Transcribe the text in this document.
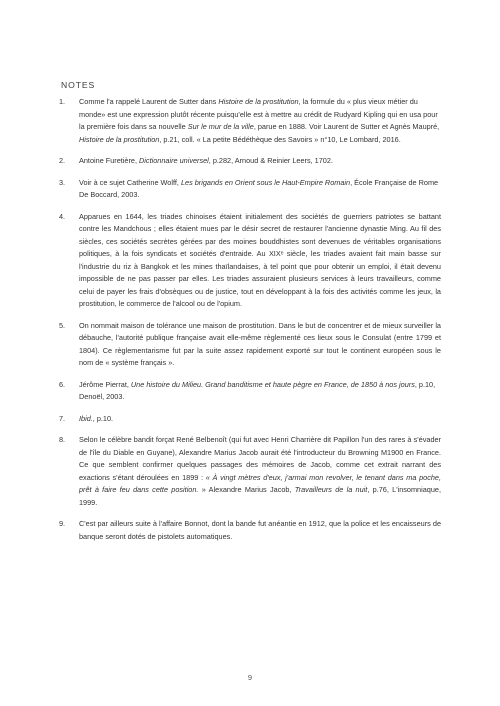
NOTES
1. Comme l'a rappelé Laurent de Sutter dans Histoire de la prostitution, la formule du « plus vieux métier du monde» est une expression plutôt récente puisqu'elle est à mettre au crédit de Rudyard Kipling qui en usa pour la première fois dans sa nouvelle Sur le mur de la ville, parue en 1888. Voir Laurent de Sutter et Agnès Maupré, Histoire de la prostitution, p.21, coll. « La petite Bédéthèque des Savoirs » n°10, Le Lombard, 2016.
2. Antoine Furetière, Dictionnaire universel, p.282, Arnoud & Reinier Leers, 1702.
3. Voir à ce sujet Catherine Wolff, Les brigands en Orient sous le Haut-Empire Romain, École Française de Rome De Boccard, 2003.
4. Apparues en 1644, les triades chinoises étaient initialement des sociétés de guerriers patriotes se battant contre les Mandchous ; elles étaient mues par le désir secret de restaurer l'ancienne dynastie Ming. Au fil des siècles, ces sociétés secrètes gérées par des moines bouddhistes sont devenues de véritables organisations politiques, à la fois syndicats et sociétés d'entraide. Au XIXᵉ siècle, les triades avaient fait main basse sur l'industrie du riz à Bangkok et les mines thaïlandaises, à tel point que pour obtenir un emploi, il était devenu impossible de ne pas passer par elles. Les triades assuraient plusieurs services à leurs travailleurs, comme celui de payer les frais d'obsèques ou de justice, tout en développant à la fois des activités comme les jeux, la prostitution, le commerce de l'alcool ou de l'opium.
5. On nommait maison de tolérance une maison de prostitution. Dans le but de concentrer et de mieux surveiller la débauche, l'autorité publique française avait elle-même règlementé ces lieux sous le Consulat (entre 1799 et 1804). Ce règlementarisme fut par la suite assez rapidement exporté sur tout le continent européen sous le nom de « système français ».
6. Jérôme Pierrat, Une histoire du Milieu. Grand banditisme et haute pègre en France, de 1850 à nos jours, p.10, Denoël, 2003.
7. Ibid., p.10.
8. Selon le célèbre bandit forçat René Belbenoît (qui fut avec Henri Charrière dit Papillon l'un des rares à s'évader de l'île du Diable en Guyane), Alexandre Marius Jacob aurait été l'introducteur du Browning M1900 en France. Ce que semblent confirmer quelques passages des mémoires de Jacob, comme cet extrait narrant des exactions s'étant déroulées en 1899 : « À vingt mètres d'eux, j'armai mon revolver, le tenant dans ma poche, prêt à faire feu dans cette position. » Alexandre Marius Jacob, Travailleurs de la nuit, p.76, L'insomniaque, 1999.
9. C'est par ailleurs suite à l'affaire Bonnot, dont la bande fut anéantie en 1912, que la police et les encaisseurs de banque seront dotés de pistolets automatiques.
9
